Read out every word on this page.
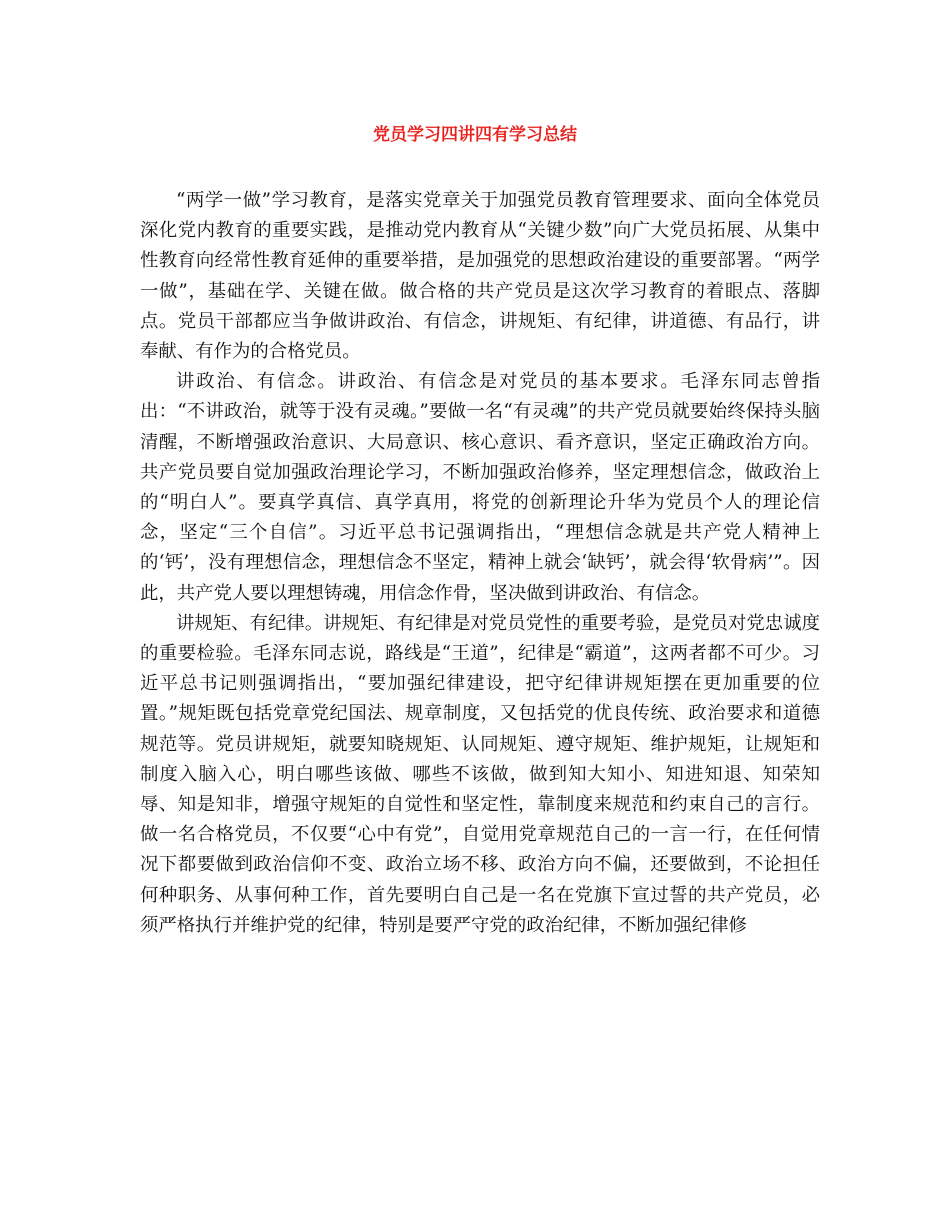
党员学习四讲四有学习总结

“两学一做”学习教育，是落实党章关于加强党员教育管理要求、面向全体党员深化党内教育的重要实践，是推动党内教育从“关键少数”向广大党员拓展、从集中性教育向经常性教育延伸的重要举措，是加强党的思想政治建设的重要部署。“两学一做”，基础在学、关键在做。做合格的共产党员是这次学习教育的着眼点、落脚点。党员干部都应当争做讲政治、有信念，讲规矩、有纪律，讲道德、有品行，讲奉献、有作为的合格党员。

讲政治、有信念。讲政治、有信念是对党员的基本要求。毛泽东同志曾指出：“不讲政治，就等于没有灵魂。”要做一名“有灵魂”的共产党员就要始终保持头脑清醒，不断增强政治意识、大局意识、核心意识、看齐意识，坚定正确政治方向。共产党员要自觉加强政治理论学习，不断加强政治修养，坚定理想信念，做政治上的“明白人”。要真学真信、真学真用，将党的创新理论升华为党员个人的理论信念，坚定“三个自信”。习近平总书记强调指出，“理想信念就是共产党人精神上的‘钙’，没有理想信念，理想信念不坚定，精神上就会‘缺钙’，就会得‘软骨病’”。因此，共产党人要以理想铸魂，用信念作骨，坚决做到讲政治、有信念。

讲规矩、有纪律。讲规矩、有纪律是对党员党性的重要考验，是党员对党忠诚度的重要检验。毛泽东同志说，路线是“王道”，纪律是“霸道”，这两者都不可少。习近平总书记则强调指出，“要加强纪律建设，把守纪律讲规矩摆在更加重要的位置。”规矩既包括党章党纪国法、规章制度，又包括党的优良传统、政治要求和道德规范等。党员讲规矩，就要知晓规矩、认同规矩、遵守规矩、维护规矩，让规矩和制度入脑入心，明白哪些该做、哪些不该做，做到知大知小、知进知退、知荣知辱、知是知非，增强守规矩的自觉性和坚定性，靠制度来规范和约束自己的言行。做一名合格党员，不仅要“心中有党”，自觉用党章规范自己的一言一行，在任何情况下都要做到政治信仰不变、政治立场不移、政治方向不偏，还要做到，不论担任何种职务、从事何种工作，首先要明白自己是一名在党旗下宣过誓的共产党员，必须严格执行并维护党的纪律，特别是要严守党的政治纪律，不断加强纪律修
